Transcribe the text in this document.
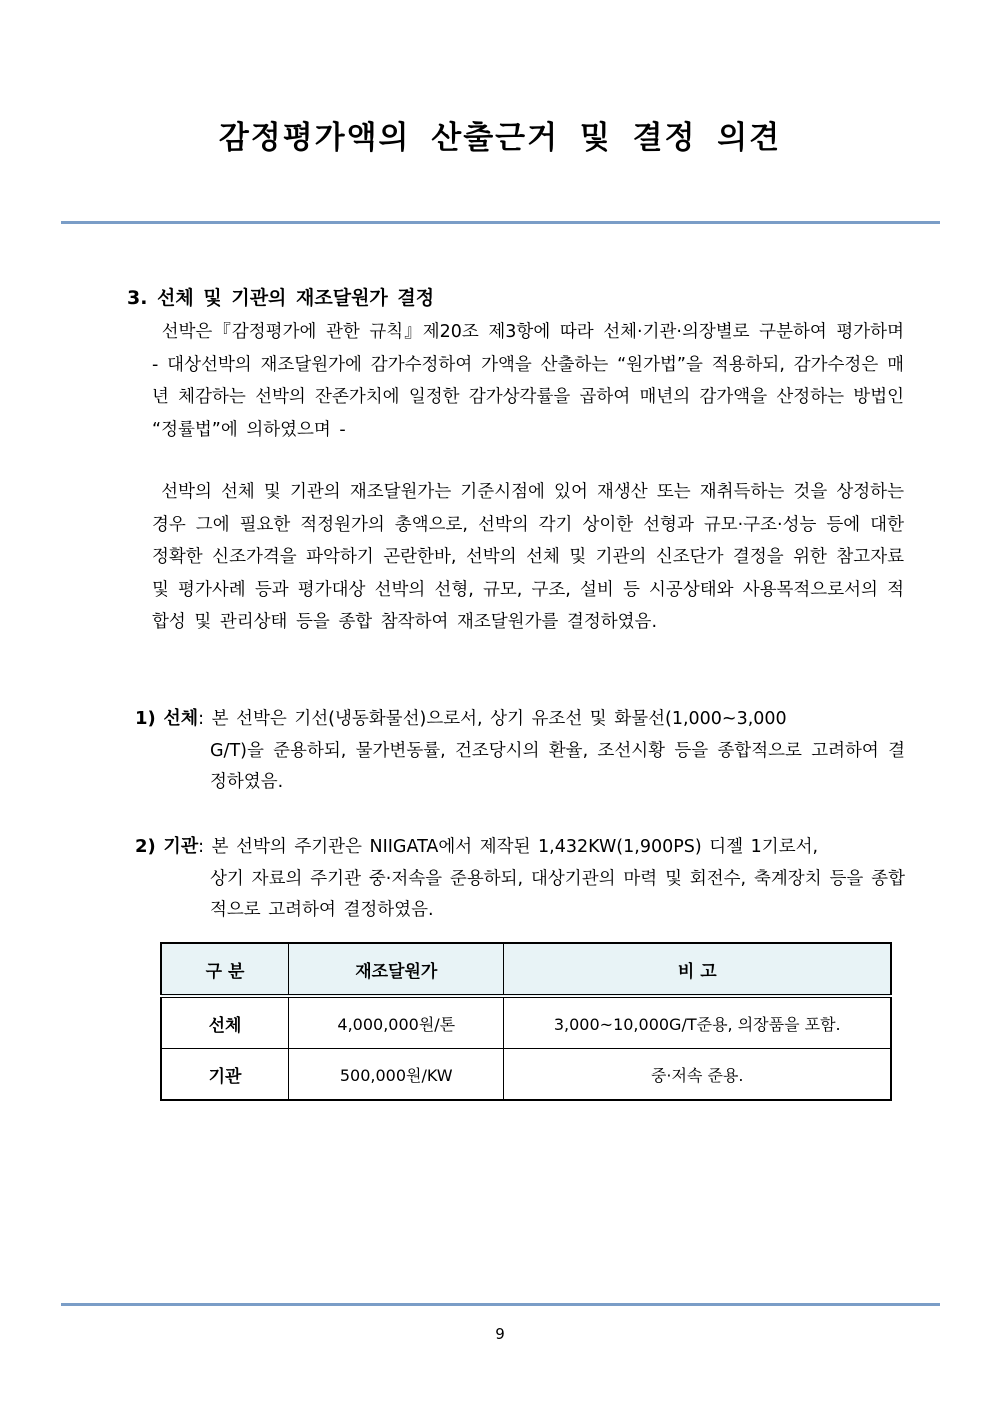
감정평가액의 산출근거 및 결정 의견
3. 선체 및 기관의 재조달원가 결정
선박은『감정평가에 관한 규칙』제20조 제3항에 따라 선체·기관·의장별로 구분하여 평가하며 - 대상선박의 재조달원가에 감가수정하여 가액을 산출하는 “원가법”을 적용하되, 감가수정은 매년 체감하는 선박의 잔존가치에 일정한 감가상각률을 곱하여 매년의 감가액을 산정하는 방법인 “정률법”에 의하였으며 -
선박의 선체 및 기관의 재조달원가는 기준시점에 있어 재생산 또는 재취득하는 것을 상정하는 경우 그에 필요한 적정원가의 총액으로, 선박의 각기 상이한 선형과 규모·구조·성능 등에 대한 정확한 신조가격을 파악하기 곤란한바, 선박의 선체 및 기관의 신조단가 결정을 위한 참고자료 및 평가사례 등과 평가대상 선박의 선형, 규모, 구조, 설비 등 시공상태와 사용목적으로서의 적합성 및 관리상태 등을 종합 참작하여 재조달원가를 결정하였음.
1) 선체: 본 선박은 기선(냉동화물선)으로서, 상기 유조선 및 화물선(1,000~3,000
G/T)을 준용하되, 물가변동률, 건조당시의 환율, 조선시황 등을 종합적으로 고려하여 결정하였음.
2) 기관: 본 선박의 주기관은 NIIGATA에서 제작된 1,432KW(1,900PS) 디젤 1기로서,
상기 자료의 주기관 중·저속을 준용하되, 대상기관의 마력 및 회전수, 축계장치 등을 종합적으로 고려하여 결정하였음.
구 분	재조달원가	비 고
선체	4,000,000원/톤	3,000~10,000G/T준용, 의장품을 포함.
기관	500,000원/KW	중·저속 준용.
9
